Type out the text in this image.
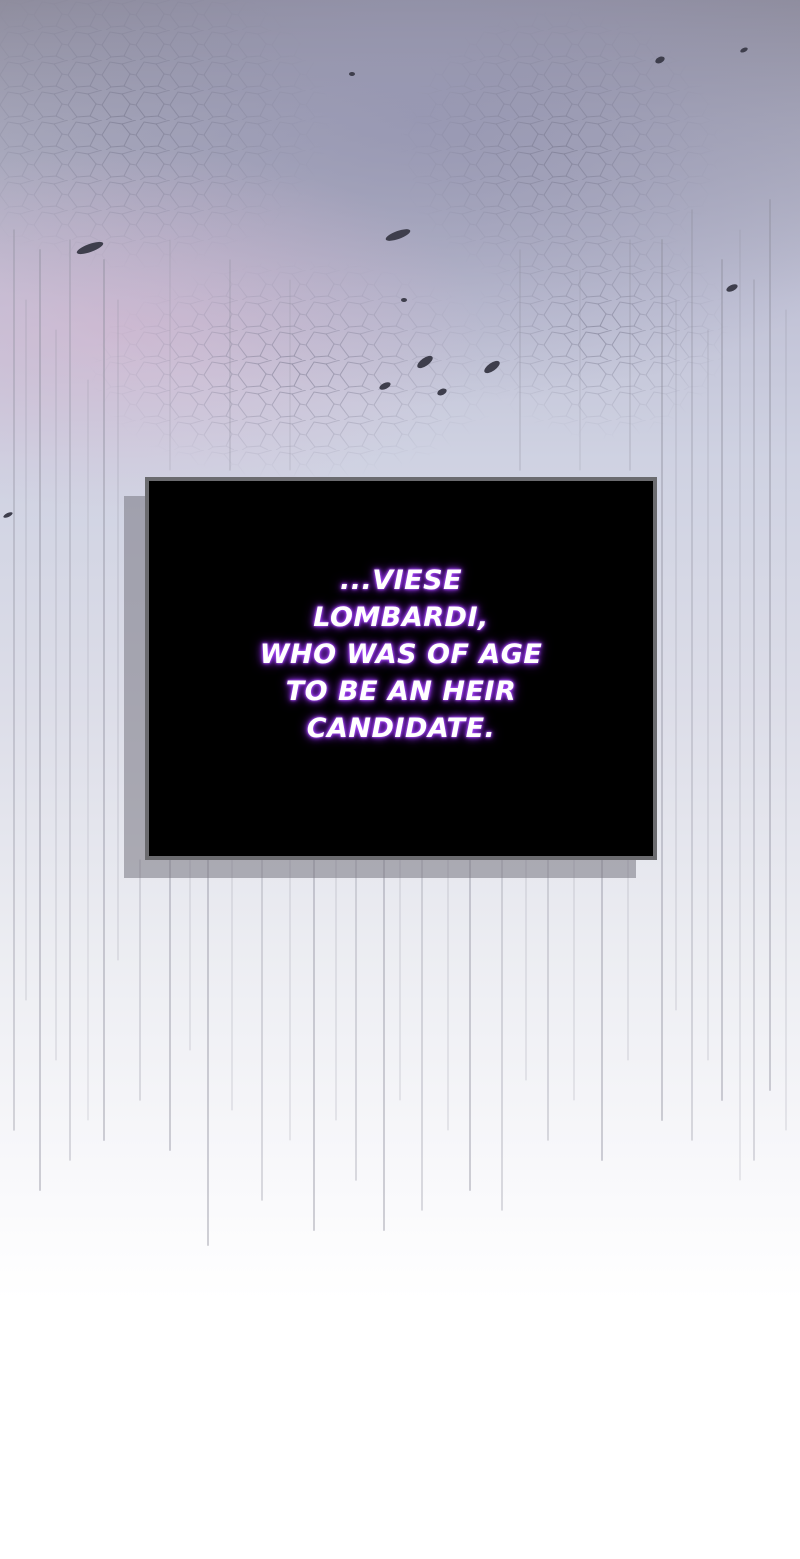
...VIESE
LOMBARDI,
WHO WAS OF AGE
TO BE AN HEIR
CANDIDATE.
